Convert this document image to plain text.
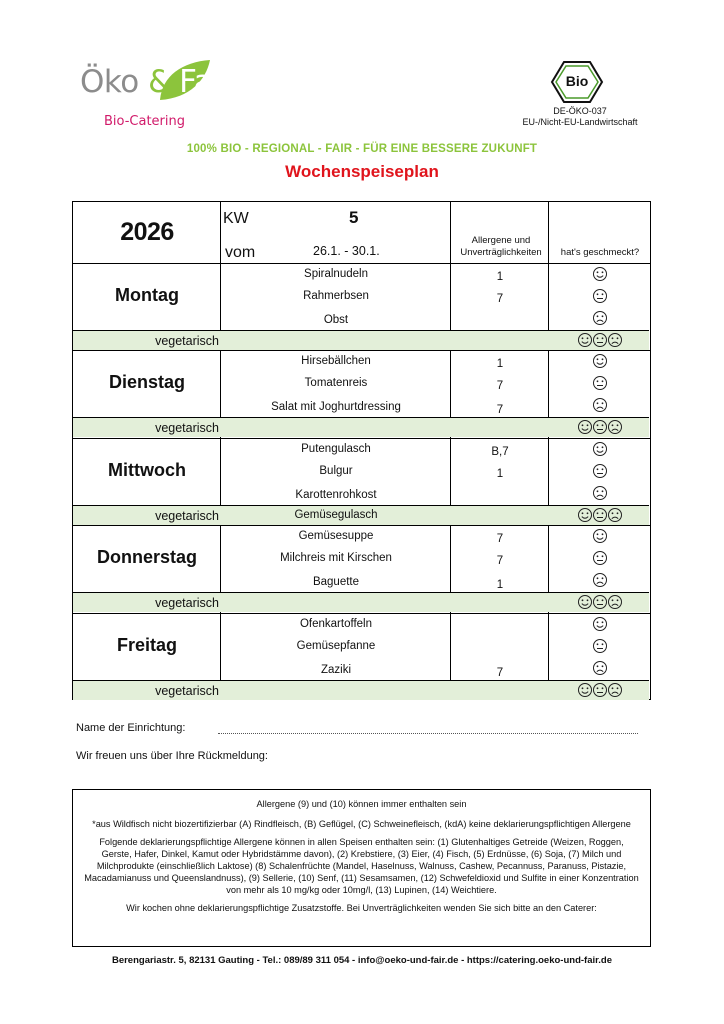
Öko & Fair
Bio-Catering
Bio
DE-ÖKO-037
EU-/Nicht-EU-Landwirtschaft
100% BIO - REGIONAL - FAIR - FÜR EINE BESSERE ZUKUNFT
Wochenspeiseplan
2026	KW	5
vom	26.1. - 30.1.
Allergene und Unverträglichkeiten	hat's geschmeckt?
Montag
Spiralnudeln	1
Rahmerbsen	7
Obst
vegetarisch
Dienstag
Hirsebällchen	1
Tomatenreis	7
Salat mit Joghurtdressing	7
vegetarisch
Mittwoch
Putengulasch	B,7
Bulgur	1
Karottenrohkost
vegetarisch	Gemüsegulasch
Donnerstag
Gemüsesuppe	7
Milchreis mit Kirschen	7
Baguette	1
vegetarisch
Freitag
Ofenkartoffeln
Gemüsepfanne
Zaziki	7
vegetarisch
Name der Einrichtung:
Wir freuen uns über Ihre Rückmeldung:

Allergene (9) und (10) können immer enthalten sein

*aus Wildfisch nicht biozertifizierbar (A) Rindfleisch, (B) Geflügel, (C) Schweinefleisch, (kdA) keine deklarierungspflichtigen Allergene

Folgende deklarierungspflichtige Allergene können in allen Speisen enthalten sein: (1) Glutenhaltiges Getreide (Weizen, Roggen, Gerste, Hafer, Dinkel, Kamut oder Hybridstämme davon), (2) Krebstiere, (3) Eier, (4) Fisch, (5) Erdnüsse, (6) Soja, (7) Milch und Milchprodukte (einschließlich Laktose) (8) Schalenfrüchte (Mandel, Haselnuss, Walnuss, Cashew, Pecannuss, Paranuss, Pistazie, Macadamianuss und Queenslandnuss), (9) Sellerie, (10) Senf, (11) Sesamsamen, (12) Schwefeldioxid und Sulfite in einer Konzentration von mehr als 10 mg/kg oder 10mg/l, (13) Lupinen, (14) Weichtiere.

Wir kochen ohne deklarierungspflichtige Zusatzstoffe. Bei Unverträglichkeiten wenden Sie sich bitte an den Caterer:

Berengariastr. 5, 82131 Gauting - Tel.: 089/89 311 054 - info@oeko-und-fair.de - https://catering.oeko-und-fair.de
